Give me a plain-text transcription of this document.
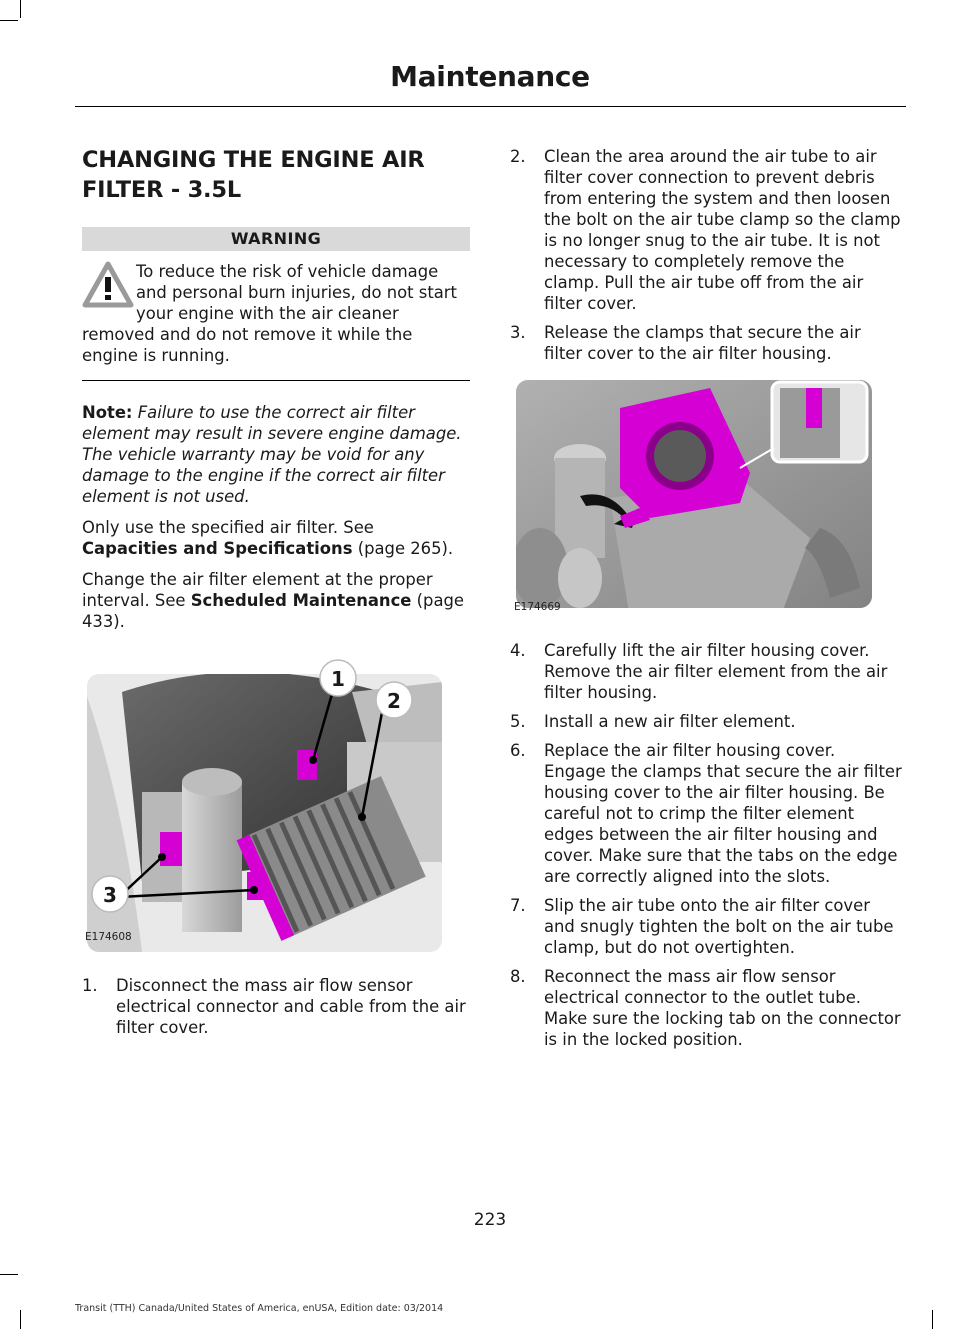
Maintenance
CHANGING THE ENGINE AIR FILTER - 3.5L
WARNING
To reduce the risk of vehicle damage and personal burn injuries, do not start your engine with the air cleaner removed and do not remove it while the engine is running.

Note: Failure to use the correct air filter element may result in severe engine damage. The vehicle warranty may be void for any damage to the engine if the correct air filter element is not used.

Only use the specified air filter. See Capacities and Specifications (page 265).

Change the air filter element at the proper interval. See Scheduled Maintenance (page 433).

1
2
3
E174608
1. Disconnect the mass air flow sensor electrical connector and cable from the air filter cover.
2. Clean the area around the air tube to air filter cover connection to prevent debris from entering the system and then loosen the bolt on the air tube clamp so the clamp is no longer snug to the air tube. It is not necessary to completely remove the clamp. Pull the air tube off from the air filter cover.
3. Release the clamps that secure the air filter cover to the air filter housing.
E174669
4. Carefully lift the air filter housing cover. Remove the air filter element from the air filter housing.
5. Install a new air filter element.
6. Replace the air filter housing cover. Engage the clamps that secure the air filter housing cover to the air filter housing. Be careful not to crimp the filter element edges between the air filter housing and cover. Make sure that the tabs on the edge are correctly aligned into the slots.
7. Slip the air tube onto the air filter cover and snugly tighten the bolt on the air tube clamp, but do not overtighten.
8. Reconnect the mass air flow sensor electrical connector to the outlet tube. Make sure the locking tab on the connector is in the locked position.
223
Transit (TTH) Canada/United States of America, enUSA, Edition date: 03/2014
